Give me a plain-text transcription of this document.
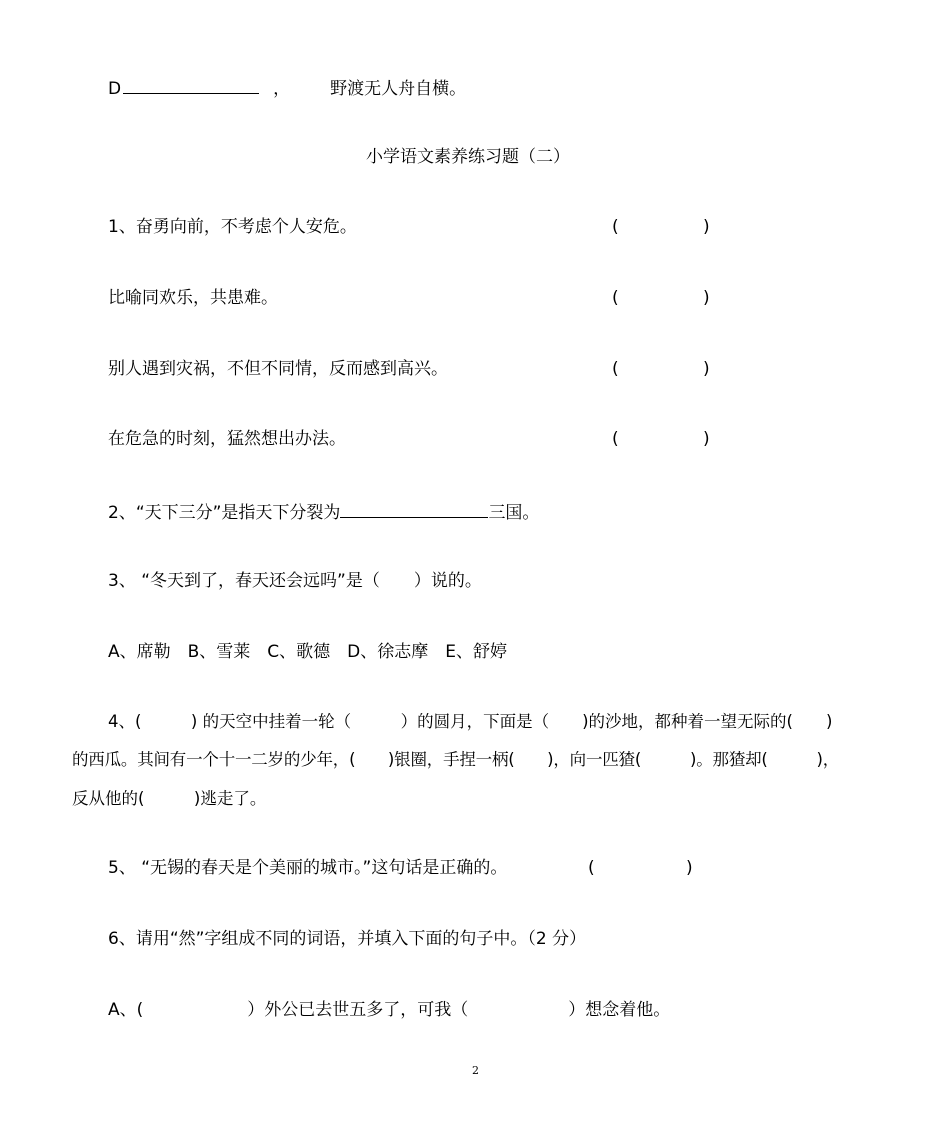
D	， 野渡无人舟自横。
小学语文素养练习题（二）
1、奋勇向前，不考虑个人安危。	(	)
比喻同欢乐，共患难。	(	)
别人遇到灾祸，不但不同情，反而感到高兴。	(	)
在危急的时刻，猛然想出办法。	(	)
2、“天下三分”是指天下分裂为	三国。
3、 “冬天到了，春天还会远吗”是（　　）说的。
A、席勒　B、雪莱　C、歌德　D、徐志摩　E、舒婷
4、(　　　) 的天空中挂着一轮（　　　）的圆月，下面是（　　)的沙地，都种着一望无际的(　　)
的西瓜。其间有一个十一二岁的少年，(　　)银圈，手捏一柄(　　)，向一匹猹(　　　)。那猹却(　　　)，
反从他的(　　　)逃走了。
5、 “无锡的春天是个美丽的城市。”这句话是正确的。	(	)
6、请用“然”字组成不同的词语，并填入下面的句子中。（2 分）
A、(	）外公已去世五多了，可我（	）想念着他。
2
